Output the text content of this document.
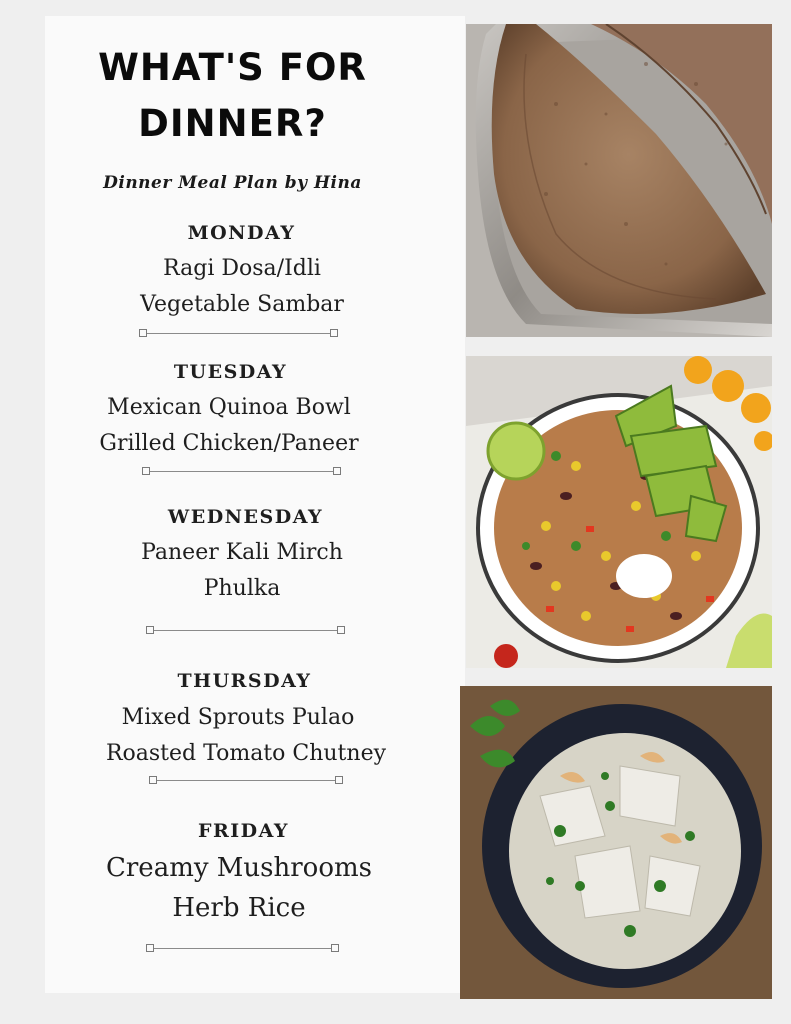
WHAT'S FOR
DINNER?
Dinner Meal Plan by Hina
MONDAY
Ragi Dosa/Idli
Vegetable Sambar
TUESDAY
Mexican Quinoa Bowl
Grilled Chicken/Paneer
WEDNESDAY
Paneer Kali Mirch
Phulka
THURSDAY
Mixed Sprouts Pulao
Roasted Tomato Chutney
FRIDAY
Creamy Mushrooms
Herb Rice
